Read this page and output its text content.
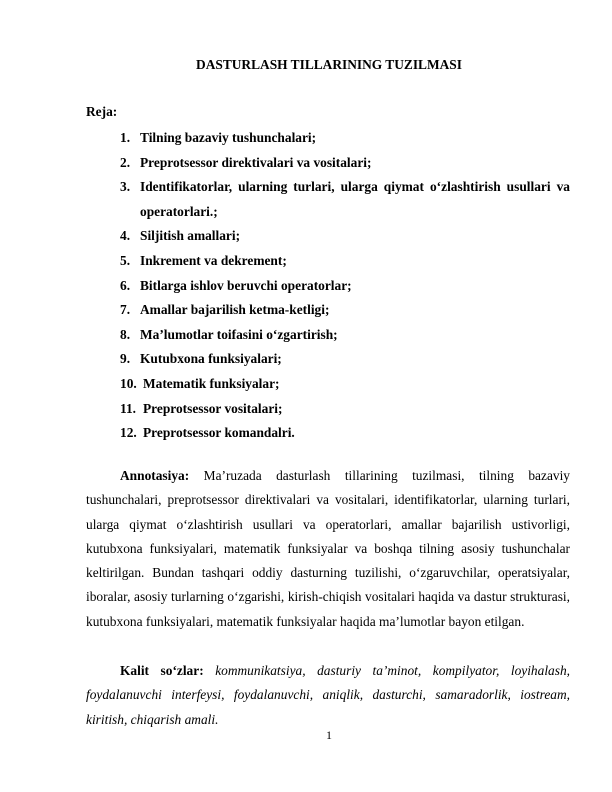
DASTURLASH TILLARINING TUZILMASI
Reja:
1. Tilning bazaviy tushunchalari;
2. Preprotsessor direktivalari va vositalari;
3. Identifikatorlar, ularning turlari, ularga qiymat o‘zlashtirish usullari va operatorlari.;
4. Siljitish amallari;
5. Inkrement va dekrement;
6. Bitlarga ishlov beruvchi operatorlar;
7. Amallar bajarilish ketma-ketligi;
8. Ma’lumotlar toifasini o‘zgartirish;
9. Kutubxona funksiyalari;
10. Matematik funksiyalar;
11. Preprotsessor vositalari;
12. Preprotsessor komandalri.

Annotasiya: Ma’ruzada dasturlash tillarining tuzilmasi, tilning bazaviy tushunchalari, preprotsessor direktivalari va vositalari, identifikatorlar, ularning turlari, ularga qiymat o‘zlashtirish usullari va operatorlari, amallar bajarilish ustivorligi, kutubxona funksiyalari, matematik funksiyalar va boshqa tilning asosiy tushunchalar keltirilgan. Bundan tashqari oddiy dasturning tuzilishi, o‘zgaruvchilar, operatsiyalar, iboralar, asosiy turlarning o‘zgarishi, kirish-chiqish vositalari haqida va dastur strukturasi, kutubxona funksiyalari, matematik funksiyalar haqida ma’lumotlar bayon etilgan.

Kalit so‘zlar: kommunikatsiya, dasturiy ta’minot, kompilyator, loyihalash, foydalanuvchi interfeysi, foydalanuvchi, aniqlik, dasturchi, samaradorlik, iostream, kiritish, chiqarish amali.

1
